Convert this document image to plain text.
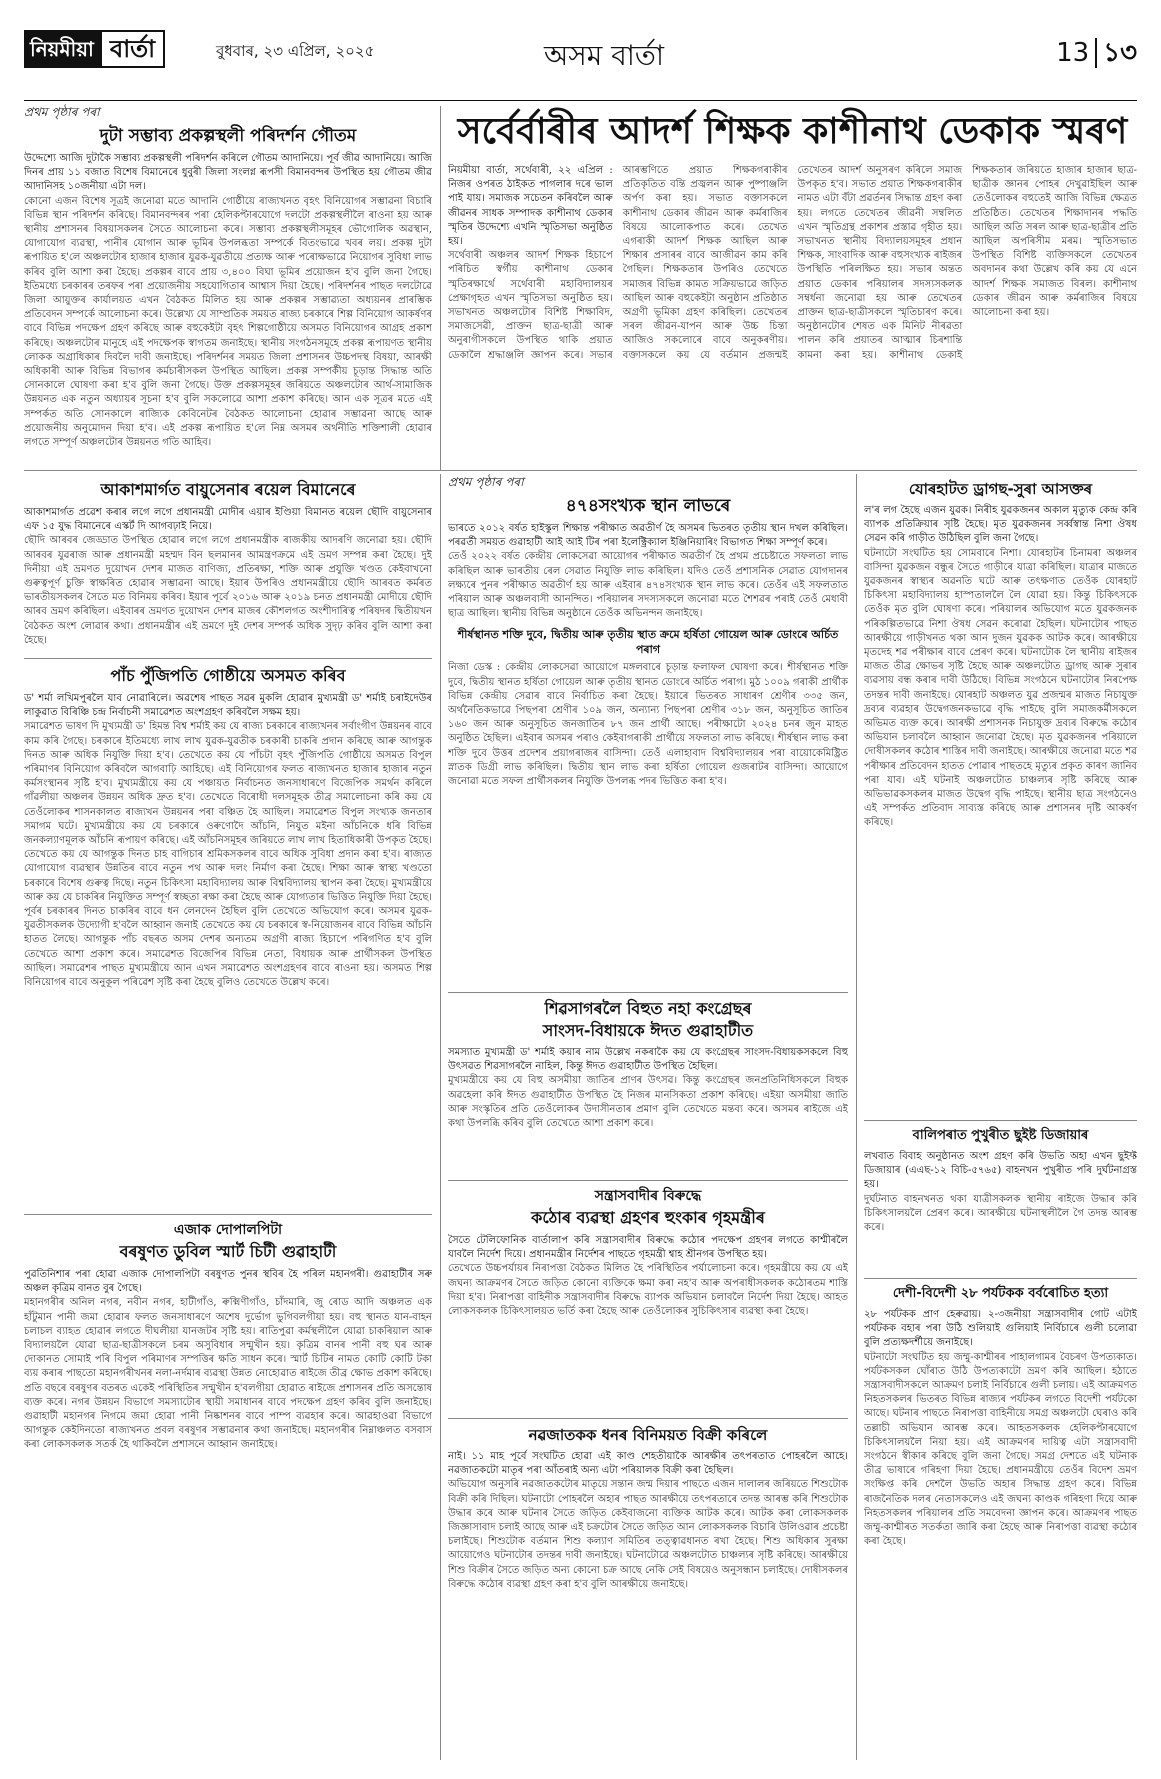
নিয়মীয়া বাৰ্তা	বুধবাৰ, ২৩ এপ্ৰিল, ২০২৫	অসম বাৰ্তা	13 ১৩
প্ৰথম পৃষ্ঠাৰ পৰা
দুটা সম্ভাব্য প্ৰকল্পস্থলী পৰিদৰ্শন গৌতম
উদ্দেশ্যে আজি দুটাকৈ সম্ভাব্য প্ৰকল্পস্থলী পৰিদৰ্শন কৰিলে গৌতম আদানিয়ে। পূৰ্ব জীৱ আদানিয়ে। আজি দিনৰ প্ৰায় ১১ বজাত বিশেষ বিমানেৰে ধুবুৰী জিলা সংলগ্ন ৰূপসী বিমানবন্দৰ উপস্থিত হয় গৌতম জীৱ আদানিসহ ১০জনীয়া এটা দল।
কোনো এজন বিশেষ সূত্ৰই জনোৱা মতে আদানি গোষ্ঠীয়ে ৰাজ্যখনত বৃহৎ বিনিয়োগৰ সম্ভাৱনা বিচাৰি বিভিন্ন স্থান পৰিদৰ্শন কৰিছে। বিমানবন্দৰৰ পৰা হেলিকপ্টাৰযোগে দলটো প্ৰকল্পস্থলীলৈ ৰাওনা হয় আৰু স্থানীয় প্ৰশাসনৰ বিষয়াসকলৰ সৈতে আলোচনা কৰে। সম্ভাব্য প্ৰকল্পস্থলীসমূহৰ ভৌগোলিক অৱস্থান, যোগাযোগ ব্যৱস্থা, পানীৰ যোগান আৰু ভূমিৰ উপলব্ধতা সম্পৰ্কে বিতংভাৱে খবৰ লয়। প্ৰকল্প দুটা ৰূপায়িত হ'লে অঞ্চলটোৰ হাজাৰ হাজাৰ যুৱক-যুৱতীয়ে প্ৰত্যক্ষ আৰু পৰোক্ষভাৱে নিয়োগৰ সুবিধা লাভ কৰিব বুলি আশা কৰা হৈছে। প্ৰকল্পৰ বাবে প্ৰায় ৩,৪০০ বিঘা ভূমিৰ প্ৰয়োজন হ'ব বুলি জনা গৈছে। ইতিমধ্যে চৰকাৰৰ তৰফৰ পৰা প্ৰয়োজনীয় সহযোগিতাৰ আশ্বাস দিয়া হৈছে। পৰিদৰ্শনৰ পাছত দলটোৱে জিলা আয়ুক্তৰ কাৰ্যালয়ত এখন বৈঠকত মিলিত হয় আৰু প্ৰকল্পৰ সম্ভাৱ্যতা অধ্যয়নৰ প্ৰাৰম্ভিক প্ৰতিবেদন সম্পৰ্কে আলোচনা কৰে। উল্লেখ্য যে সাম্প্ৰতিক সময়ত ৰাজ্য চৰকাৰে শিল্প বিনিয়োগ আকৰ্ষণৰ বাবে বিভিন্ন পদক্ষেপ গ্ৰহণ কৰিছে আৰু বহুকেইটা বৃহৎ শিল্পগোষ্ঠীয়ে অসমত বিনিয়োগৰ আগ্ৰহ প্ৰকাশ কৰিছে। অঞ্চলটোৰ মানুহে এই পদক্ষেপক স্বাগতম জনাইছে। স্থানীয় সংগঠনসমূহে প্ৰকল্প ৰূপায়ণত স্থানীয় লোকক অগ্ৰাধিকাৰ দিবলৈ দাবী জনাইছে। পৰিদৰ্শনৰ সময়ত জিলা প্ৰশাসনৰ উচ্চপদস্থ বিষয়া, আৰক্ষী অধিকাৰী আৰু বিভিন্ন বিভাগৰ কৰ্মচাৰীসকল উপস্থিত আছিল। প্ৰকল্প সম্পৰ্কীয় চূড়ান্ত সিদ্ধান্ত অতি সোনকালে ঘোষণা কৰা হ'ব বুলি জনা গৈছে। উক্ত প্ৰকল্পসমূহৰ জৰিয়তে অঞ্চলটোৰ আৰ্থ-সামাজিক উন্নয়নত এক নতুন অধ্যায়ৰ সূচনা হ'ব বুলি সকলোৱে আশা প্ৰকাশ কৰিছে। আন এক সূত্ৰৰ মতে এই সম্পৰ্কত অতি সোনকালে ৰাজ্যিক কেবিনেটৰ বৈঠকত আলোচনা হোৱাৰ সম্ভাৱনা আছে আৰু প্ৰয়োজনীয় অনুমোদন দিয়া হ'ব। এই প্ৰকল্প ৰূপায়িত হ'লে নিম্ন অসমৰ অৰ্থনীতি শক্তিশালী হোৱাৰ লগতে সম্পূৰ্ণ অঞ্চলটোৰ উন্নয়নত গতি আহিব।
সৰ্বেৰ্বাৰীৰ আদৰ্শ শিক্ষক কাশীনাথ ডেকাক স্মৰণ
নিয়মীয়া বাৰ্তা, সৰ্থেবাৰী, ২২ এপ্ৰিল : নিজৰ ওপৰত ঠাইকত পাগলাৰ দৰে ভাল পাই যায়। সমাজক সচেতন কৰিবলৈ আৰু জীৱনৰ সাধক সম্পাদক কাশীনাথ ডেকাৰ স্মৃতিৰ উদ্দেশ্যে এখনি স্মৃতিসভা অনুষ্ঠিত হয়।
সৰ্থেবাৰী অঞ্চলৰ আদৰ্শ শিক্ষক হিচাপে পৰিচিত স্বৰ্গীয় কাশীনাথ ডেকাৰ স্মৃতিৰক্ষাৰ্থে সৰ্থেবাৰী মহাবিদ্যালয়ৰ প্ৰেক্ষাগৃহত এখন স্মৃতিসভা অনুষ্ঠিত হয়। সভাখনত অঞ্চলটোৰ বিশিষ্ট শিক্ষাবিদ, সমাজসেৱী, প্ৰাক্তন ছাত্ৰ-ছাত্ৰী আৰু অনুৰাগীসকলে উপস্থিত থাকি প্ৰয়াত ডেকালৈ শ্ৰদ্ধাঞ্জলি জ্ঞাপন কৰে। সভাৰ আৰম্ভণিতে প্ৰয়াত শিক্ষকগৰাকীৰ প্ৰতিকৃতিত বন্তি প্ৰজ্বলন আৰু পুষ্পাঞ্জলি অৰ্পণ কৰা হয়। সভাত বক্তাসকলে কাশীনাথ ডেকাৰ জীৱন আৰু কৰ্মৰাজিৰ বিষয়ে আলোকপাত কৰে। তেখেত এগৰাকী আদৰ্শ শিক্ষক আছিল আৰু শিক্ষাৰ প্ৰসাৰৰ বাবে আজীৱন কাম কৰি গৈছিল। শিক্ষকতাৰ উপৰিও তেখেতে সমাজৰ বিভিন্ন কামত সক্ৰিয়ভাৱে জড়িত আছিল আৰু বহুকেইটা অনুষ্ঠান প্ৰতিষ্ঠাত অগ্ৰণী ভূমিকা গ্ৰহণ কৰিছিল। তেখেতৰ সৰল জীৱন-যাপন আৰু উচ্চ চিন্তা আজিও সকলোৰে বাবে অনুকৰণীয়। বক্তাসকলে কয় যে বৰ্তমান প্ৰজন্মই তেখেতৰ আদৰ্শ অনুসৰণ কৰিলে সমাজ উপকৃত হ'ব। সভাত প্ৰয়াত শিক্ষকগৰাকীৰ নামত এটা বঁটা প্ৰৱৰ্তনৰ সিদ্ধান্ত গ্ৰহণ কৰা হয়। লগতে তেখেতৰ জীৱনী সম্বলিত এখন স্মৃতিগ্ৰন্থ প্ৰকাশৰ প্ৰস্তাৱ গৃহীত হয়। সভাখনত স্থানীয় বিদ্যালয়সমূহৰ প্ৰধান শিক্ষক, সাংবাদিক আৰু বহুসংখ্যক ৰাইজৰ উপস্থিতি পৰিলক্ষিত হয়। সভাৰ অন্তত প্ৰয়াত ডেকাৰ পৰিয়ালৰ সদস্যসকলক সম্বৰ্ধনা জনোৱা হয় আৰু তেখেতৰ প্ৰাক্তন ছাত্ৰ-ছাত্ৰীসকলে স্মৃতিচাৰণ কৰে। অনুষ্ঠানটোৰ শেষত এক মিনিট নীৰৱতা পালন কৰি প্ৰয়াতৰ আত্মাৰ চিৰশান্তি কামনা কৰা হয়। কাশীনাথ ডেকাই শিক্ষকতাৰ জৰিয়তে হাজাৰ হাজাৰ ছাত্ৰ-ছাত্ৰীক জ্ঞানৰ পোহৰ দেখুৱাইছিল আৰু তেওঁলোকৰ বহুতেই আজি বিভিন্ন ক্ষেত্ৰত প্ৰতিষ্ঠিত। তেখেতৰ শিক্ষাদানৰ পদ্ধতি আছিল অতি সৰল আৰু ছাত্ৰ-ছাত্ৰীৰ প্ৰতি আছিল অপৰিসীম মৰম। স্মৃতিসভাত উপস্থিত বিশিষ্ট ব্যক্তিসকলে তেখেতৰ অবদানৰ কথা উল্লেখ কৰি কয় যে এনে আদৰ্শ শিক্ষক সমাজত বিৰল। কাশীনাথ ডেকাৰ জীৱন আৰু কৰ্মৰাজিৰ বিষয়ে আলোচনা কৰা হয়।
আকাশমাৰ্গত বায়ুসেনাৰ ৰয়েল বিমানেৰে
আকাশমাৰ্গত প্ৰৱেশ কৰাৰ লগে লগে প্ৰধানমন্ত্ৰী মোদীৰ এয়াৰ ইণ্ডিয়া বিমানত ৰয়েল ছৌদি বায়ুসেনাৰ এফ ১৫ যুদ্ধ বিমানেৰে এস্কৰ্ট দি আগবঢ়াই নিয়ে।
ছৌদি আৰবৰ জেড্ডাত উপস্থিত হোৱাৰ লগে লগে প্ৰধানমন্ত্ৰীক ৰাজকীয় আদৰণি জনোৱা হয়। ছৌদি আৰবৰ যুৱৰাজ আৰু প্ৰধানমন্ত্ৰী মহম্মদ বিন ছলমানৰ আমন্ত্ৰণক্ৰমে এই ভ্ৰমণ সম্পন্ন কৰা হৈছে। দুই দিনীয়া এই ভ্ৰমণত দুয়োখন দেশৰ মাজত বাণিজ্য, প্ৰতিৰক্ষা, শক্তি আৰু প্ৰযুক্তি খণ্ডত কেইবাখনো গুৰুত্বপূৰ্ণ চুক্তি স্বাক্ষৰিত হোৱাৰ সম্ভাৱনা আছে। ইয়াৰ উপৰিও প্ৰধানমন্ত্ৰীয়ে ছৌদি আৰবত কৰ্মৰত ভাৰতীয়সকলৰ সৈতে মত বিনিময় কৰিব। ইয়াৰ পূৰ্বে ২০১৬ আৰু ২০১৯ চনত প্ৰধানমন্ত্ৰী মোদীয়ে ছৌদি আৰব ভ্ৰমণ কৰিছিল। এইবাৰৰ ভ্ৰমণত দুয়োখন দেশৰ মাজৰ কৌশলগত অংশীদাৰিত্ব পৰিষদৰ দ্বিতীয়খন বৈঠকত অংশ লোৱাৰ কথা। প্ৰধানমন্ত্ৰীৰ এই ভ্ৰমণে দুই দেশৰ সম্পৰ্ক অধিক সুদৃঢ় কৰিব বুলি আশা কৰা হৈছে।
পাঁচ পুঁজিপতি গোষ্ঠীয়ে অসমত কৰিব
ড' শৰ্মা লখিমপুৰলৈ যাব নোৱাৰিলে। অৱশেষ পাছত সৱৰ মুকলি হোৱাৰ মুখ্যমন্ত্ৰী ড' শৰ্মাই চৰাইদেউৰ লাকুৱাত বিৰিঞ্চি চন্দ্ৰ নিৰ্বাচনী সমাৱেশত অংশগ্ৰহণ কৰিবলৈ সক্ষম হয়।
সমাৱেশত ভাষণ দি মুখ্যমন্ত্ৰী ড' হিমন্ত বিশ্ব শৰ্মাই কয় যে ৰাজ্য চৰকাৰে ৰাজ্যখনৰ সৰ্বাংগীণ উন্নয়নৰ বাবে কাম কৰি গৈছে। চৰকাৰে ইতিমধ্যে লাখ লাখ যুৱক-যুৱতীক চৰকাৰী চাকৰি প্ৰদান কৰিছে আৰু আগন্তুক দিনত আৰু অধিক নিযুক্তি দিয়া হ'ব। তেখেতে কয় যে পাঁচটা বৃহৎ পুঁজিপতি গোষ্ঠীয়ে অসমত বিপুল পৰিমাণৰ বিনিয়োগ কৰিবলৈ আগবাঢ়ি আহিছে। এই বিনিয়োগৰ ফলত ৰাজ্যখনত হাজাৰ হাজাৰ নতুন কৰ্মসংস্থানৰ সৃষ্টি হ'ব। মুখ্যমন্ত্ৰীয়ে কয় যে পঞ্চায়ত নিৰ্বাচনত জনসাধাৰণে বিজেপিক সমৰ্থন কৰিলে গাঁৱলীয়া অঞ্চলৰ উন্নয়ন অধিক দ্ৰুত হ'ব। তেখেতে বিৰোধী দলসমূহক তীব্ৰ সমালোচনা কৰি কয় যে তেওঁলোকৰ শাসনকালত ৰাজ্যখন উন্নয়নৰ পৰা বঞ্চিত হৈ আছিল। সমাৱেশত বিপুল সংখ্যক জনতাৰ সমাগম ঘটে। মুখ্যমন্ত্ৰীয়ে কয় যে চৰকাৰে ওৰুণোদৈ আঁচনি, নিযুত মইনা আঁচনিকে ধৰি বিভিন্ন জনকল্যাণমূলক আঁচনি ৰূপায়ণ কৰিছে। এই আঁচনিসমূহৰ জৰিয়তে লাখ লাখ হিতাধিকাৰী উপকৃত হৈছে। তেখেতে কয় যে আগন্তুক দিনত চাহ বাগিচাৰ শ্ৰমিকসকলৰ বাবে অধিক সুবিধা প্ৰদান কৰা হ'ব। ৰাজ্যত যোগাযোগ ব্যৱস্থাৰ উন্নতিৰ বাবে নতুন পথ আৰু দলং নিৰ্মাণ কৰা হৈছে। শিক্ষা আৰু স্বাস্থ্য খণ্ডতো চৰকাৰে বিশেষ গুৰুত্ব দিছে। নতুন চিকিৎসা মহাবিদ্যালয় আৰু বিশ্ববিদ্যালয় স্থাপন কৰা হৈছে। মুখ্যমন্ত্ৰীয়ে আৰু কয় যে চাকৰিৰ নিযুক্তিত সম্পূৰ্ণ স্বচ্ছতা ৰক্ষা কৰা হৈছে আৰু যোগ্যতাৰ ভিত্তিত নিযুক্তি দিয়া হৈছে। পূৰ্বৰ চৰকাৰৰ দিনত চাকৰিৰ বাবে ধন লেনদেন হৈছিল বুলি তেখেতে অভিযোগ কৰে। অসমৰ যুৱক-যুৱতীসকলক উদ্যোগী হ'বলৈ আহ্বান জনাই তেখেতে কয় যে চৰকাৰে স্ব-নিয়োজনৰ বাবে বিভিন্ন আঁচনি হাতত লৈছে। আগন্তুক পাঁচ বছৰত অসম দেশৰ অন্যতম অগ্ৰণী ৰাজ্য হিচাপে পৰিগণিত হ'ব বুলি তেখেতে আশা প্ৰকাশ কৰে। সমাৱেশত বিজেপিৰ বিভিন্ন নেতা, বিধায়ক আৰু প্ৰাৰ্থীসকল উপস্থিত আছিল। সমাৱেশৰ পাছত মুখ্যমন্ত্ৰীয়ে আন এখন সমাৱেশত অংশগ্ৰহণৰ বাবে ৰাওনা হয়। অসমত শিল্প বিনিয়োগৰ বাবে অনুকূল পৰিৱেশ সৃষ্টি কৰা হৈছে বুলিও তেখেতে উল্লেখ কৰে।
এজাক দোপালপিটা
বৰষুণত ডুবিল স্মাৰ্ট চিটী গুৱাহাটী
পুৱতিনিশাৰ পৰা হোৱা এজাক দোপালপিটা বৰষুণত পুনৰ স্থবিৰ হৈ পৰিল মহানগৰী। গুৱাহাটীৰ সৰু অঞ্চল কৃত্ৰিম বানত বুৰ গৈছে।
মহানগৰীৰ অনিল নগৰ, নবীন নগৰ, হাটীগাঁও, ৰুক্মিণীগাঁও, চাঁদমাৰি, জু ৰোড আদি অঞ্চলত এক হাঁটুমান পানী জমা হোৱাৰ ফলত জনসাধাৰণে অশেষ দুৰ্ভোগ ভুগিবলগীয়া হয়। বহু স্থানত যান-বাহন চলাচল ব্যাহত হোৱাৰ লগতে দীঘলীয়া যানজটৰ সৃষ্টি হয়। ৰাতিপুৱা কৰ্মস্থলীলৈ যোৱা চাকৰিয়াল আৰু বিদ্যালয়লৈ যোৱা ছাত্ৰ-ছাত্ৰীসকলে চৰম অসুবিধাৰ সন্মুখীন হয়। কৃত্ৰিম বানৰ পানী বহু ঘৰ আৰু দোকানত সোমাই পৰি বিপুল পৰিমাণৰ সম্পত্তিৰ ক্ষতি সাধন কৰে। স্মাৰ্ট চিটিৰ নামত কোটি কোটি টকা ব্যয় কৰাৰ পাছতো মহানগৰীখনৰ নলা-নৰ্দমাৰ ব্যৱস্থা উন্নত নোহোৱাত ৰাইজে তীব্ৰ ক্ষোভ প্ৰকাশ কৰিছে। প্ৰতি বছৰে বৰষুণৰ বতৰত একেই পৰিস্থিতিৰ সন্মুখীন হ'বলগীয়া হোৱাত ৰাইজে প্ৰশাসনৰ প্ৰতি অসন্তোষ ব্যক্ত কৰে। নগৰ উন্নয়ন বিভাগে সমস্যাটোৰ স্থায়ী সমাধানৰ বাবে পদক্ষেপ গ্ৰহণ কৰিব বুলি জনাইছে। গুৱাহাটী মহানগৰ নিগমে জমা হোৱা পানী নিষ্কাশনৰ বাবে পাম্প ব্যৱহাৰ কৰে। আৱহাওৱা বিভাগে আগন্তুক কেইদিনতো ৰাজ্যখনত প্ৰবল বৰষুণৰ সম্ভাৱনাৰ কথা জনাইছে। মহানগৰীৰ নিম্নাঞ্চলত বসবাস কৰা লোকসকলক সতৰ্ক হৈ থাকিবলৈ প্ৰশাসনে আহ্বান জনাইছে।
প্ৰথম পৃষ্ঠাৰ পৰা
৪৭৪সংখ্যক স্থান লাভৰে
ভাৰতে ২০১২ বৰ্ষত হাইস্কুল শিক্ষান্ত পৰীক্ষাত অৱতীৰ্ণ হৈ অসমৰ ভিতৰত তৃতীয় স্থান দখল কৰিছিল। পৰৱৰ্তী সময়ত গুৱাহাটী আই আই টিৰ পৰা ইলেক্ট্ৰিক্যাল ইঞ্জিনিয়াৰিং বিভাগত শিক্ষা সম্পূৰ্ণ কৰে।
তেওঁ ২০২২ বৰ্ষত কেন্দ্ৰীয় লোকসেৱা আয়োগৰ পৰীক্ষাত অৱতীৰ্ণ হৈ প্ৰথম প্ৰচেষ্টাতে সফলতা লাভ কৰিছিল আৰু ভাৰতীয় ৰেল সেৱাত নিযুক্তি লাভ কৰিছিল। যদিও তেওঁ প্ৰশাসনিক সেৱাত যোগদানৰ লক্ষ্যৰে পুনৰ পৰীক্ষাত অৱতীৰ্ণ হয় আৰু এইবাৰ ৪৭৪সংখ্যক স্থান লাভ কৰে। তেওঁৰ এই সফলতাত পৰিয়াল আৰু অঞ্চলবাসী আনন্দিত। পৰিয়ালৰ সদস্যসকলে জনোৱা মতে শৈশৱৰ পৰাই তেওঁ মেধাবী ছাত্ৰ আছিল। স্থানীয় বিভিন্ন অনুষ্ঠানে তেওঁক অভিনন্দন জনাইছে।
শীৰ্ষস্থানত শক্তি দুবে, দ্বিতীয় আৰু তৃতীয় স্থাত ক্ৰমে হৰ্ষিতা গোয়েল আৰু ডোংৰে অৰ্চিত পৰাগ
নিজা ডেস্ক : কেন্দ্ৰীয় লোকসেৱা আয়োগে মঙ্গলবাৰে চূড়ান্ত ফলাফল ঘোষণা কৰে। শীৰ্ষস্থানত শক্তি দুবে, দ্বিতীয় স্থানত হৰ্ষিতা গোয়েল আৰু তৃতীয় স্থানত ডোংৰে অৰ্চিত পৰাগ। মুঠ ১০০৯ গৰাকী প্ৰাৰ্থীক বিভিন্ন কেন্দ্ৰীয় সেৱাৰ বাবে নিৰ্বাচিত কৰা হৈছে। ইয়াৰে ভিতৰত সাধাৰণ শ্ৰেণীৰ ৩৩৫ জন, অৰ্থনৈতিকভাৱে পিছপৰা শ্ৰেণীৰ ১০৯ জন, অন্যান্য পিছপৰা শ্ৰেণীৰ ৩১৮ জন, অনুসূচিত জাতিৰ ১৬০ জন আৰু অনুসূচিত জনজাতিৰ ৮৭ জন প্ৰাৰ্থী আছে। পৰীক্ষাটো ২০২৪ চনৰ জুন মাহত অনুষ্ঠিত হৈছিল। এইবাৰ অসমৰ পৰাও কেইবাগৰাকী প্ৰাৰ্থীয়ে সফলতা লাভ কৰিছে। শীৰ্ষস্থান লাভ কৰা শক্তি দুবে উত্তৰ প্ৰদেশৰ প্ৰয়াগৰাজৰ বাসিন্দা। তেওঁ এলাহাবাদ বিশ্ববিদ্যালয়ৰ পৰা বায়োকেমিষ্ট্ৰিত স্নাতক ডিগ্ৰী লাভ কৰিছিল। দ্বিতীয় স্থান লাভ কৰা হৰ্ষিতা গোয়েল গুজৰাটৰ বাসিন্দা। আয়োগে জনোৱা মতে সফল প্ৰাৰ্থীসকলৰ নিযুক্তি উপলব্ধ পদৰ ভিত্তিত কৰা হ'ব।
শিৱসাগৰলৈ বিহুত নহা কংগ্ৰেছৰ
সাংসদ-বিধায়কে ঈদত গুৱাহাটীত
সমস্যাত মুখ্যমন্ত্ৰী ড' শৰ্মাই কয়াৰ নাম উল্লেখ নকৰাকৈ কয় যে কংগ্ৰেছৰ সাংসদ-বিধায়কসকলে বিহু উৎসৱত শিৱসাগৰলৈ নাহিল, কিন্তু ঈদত গুৱাহাটীত উপস্থিত হৈছিল।
মুখ্যমন্ত্ৰীয়ে কয় যে বিহু অসমীয়া জাতিৰ প্ৰাণৰ উৎসৱ। কিন্তু কংগ্ৰেছৰ জনপ্ৰতিনিধিসকলে বিহুক অৱহেলা কৰি ঈদত গুৱাহাটীত উপস্থিত হৈ নিজৰ মানসিকতা প্ৰকাশ কৰিছে। এইয়া অসমীয়া জাতি আৰু সংস্কৃতিৰ প্ৰতি তেওঁলোকৰ উদাসীনতাৰ প্ৰমাণ বুলি তেখেতে মন্তব্য কৰে। অসমৰ ৰাইজে এই কথা উপলব্ধি কৰিব বুলি তেখেতে আশা প্ৰকাশ কৰে।
সন্ত্ৰাসবাদীৰ বিৰুদ্ধে
কঠোৰ ব্যৱস্থা গ্ৰহণৰ হুংকাৰ গৃহমন্ত্ৰীৰ
সৈতে টেলিফোনিক বাৰ্তালাপ কৰি সন্ত্ৰাসবাদীৰ বিৰুদ্ধে কঠোৰ পদক্ষেপ গ্ৰহণৰ লগতে কাশ্মীৰলৈ যাবলৈ নিৰ্দেশ দিয়ে। প্ৰধানমন্ত্ৰীৰ নিৰ্দেশৰ পাছতে গৃহমন্ত্ৰী শ্বাহ শ্ৰীনগৰ উপস্থিত হয়।
তেখেতে উচ্চপৰ্যায়ৰ নিৰাপত্তা বৈঠকত মিলিত হৈ পৰিস্থিতিৰ পৰ্যালোচনা কৰে। গৃহমন্ত্ৰীয়ে কয় যে এই জঘন্য আক্ৰমণৰ সৈতে জড়িত কোনো ব্যক্তিকে ক্ষমা কৰা নহ'ব আৰু অপৰাধীসকলক কঠোৰতম শাস্তি দিয়া হ'ব। নিৰাপত্তা বাহিনীক সন্ত্ৰাসবাদীৰ বিৰুদ্ধে ব্যাপক অভিযান চলাবলৈ নিৰ্দেশ দিয়া হৈছে। আহত লোকসকলক চিকিৎসালয়ত ভৰ্তি কৰা হৈছে আৰু তেওঁলোকৰ সুচিকিৎসাৰ ব্যৱস্থা কৰা হৈছে।
নৱজাতকক ধনৰ বিনিময়ত বিক্ৰী কৰিলে
নাই। ১১ মাহ পূৰ্বে সংঘটিত হোৱা এই কাণ্ড শেহতীয়াকৈ আৰক্ষীৰ তৎপৰতাত পোহৰলৈ আহে। নৱজাতকটো মাতৃৰ পৰা আঁতৰাই অন্য এটা পৰিয়ালক বিক্ৰী কৰা হৈছিল।
অভিযোগ অনুসৰি নৱজাতকটোৰ মাতৃয়ে সন্তান জন্ম দিয়াৰ পাছতে এজন দালালৰ জৰিয়তে শিশুটোক বিক্ৰী কৰি দিছিল। ঘটনাটো পোহৰলৈ অহাৰ পাছত আৰক্ষীয়ে তৎপৰতাৰে তদন্ত আৰম্ভ কৰি শিশুটোক উদ্ধাৰ কৰে আৰু ঘটনাৰ সৈতে জড়িত কেইবাজনো ব্যক্তিক আটক কৰে। আটক কৰা লোকসকলক জিজ্ঞাসাবাদ চলাই আছে আৰু এই চক্ৰটোৰ সৈতে জড়িত আন লোকসকলক বিচাৰি উলিওৱাৰ প্ৰচেষ্টা চলাইছে। শিশুটোক বৰ্তমান শিশু কল্যাণ সমিতিৰ তত্ত্বাৱধানত ৰখা হৈছে। শিশু অধিকাৰ সুৰক্ষা আয়োগেও ঘটনাটোৰ তদন্তৰ দাবী জনাইছে। ঘটনাটোৱে অঞ্চলটোত চাঞ্চল্যৰ সৃষ্টি কৰিছে। আৰক্ষীয়ে শিশু বিক্ৰীৰ সৈতে জড়িত অন্য কোনো চক্ৰ আছে নেকি সেই বিষয়েও অনুসন্ধান চলাইছে। দোষীসকলৰ বিৰুদ্ধে কঠোৰ ব্যৱস্থা গ্ৰহণ কৰা হ'ব বুলি আৰক্ষীয়ে জনাইছে।
যোৰহাটত ড্ৰাগছ-সুৰা আসক্তৰ
ল'ৰ লগ হৈছে এজন যুৱক। নিৰীহ যুৱকজনৰ অকাল মৃত্যুক কেন্দ্ৰ কৰি ব্যাপক প্ৰতিক্ৰিয়াৰ সৃষ্টি হৈছে। মৃত যুৱকজনৰ সৰ্ব্বস্বান্ত নিশা ঔষধ সেৱন কৰি গাড়ীত উঠিছিল বুলি জনা গৈছে।
ঘটনাটো সংঘটিত হয় সোমবাৰে নিশা। যোৰহাটৰ চিনামৰা অঞ্চলৰ বাসিন্দা যুৱকজন বন্ধুৰ সৈতে গাড়ীৰে যাত্ৰা কৰিছিল। যাত্ৰাৰ মাজতে যুৱকজনৰ স্বাস্থ্যৰ অৱনতি ঘটে আৰু তৎক্ষণাত তেওঁক যোৰহাট চিকিৎসা মহাবিদ্যালয় হাস্পতাললৈ লৈ যোৱা হয়। কিন্তু চিকিৎসকে তেওঁক মৃত বুলি ঘোষণা কৰে। পৰিয়ালৰ অভিযোগ মতে যুৱকজনক পৰিকল্পিতভাৱে নিশা ঔষধ সেৱন কৰোৱা হৈছিল। ঘটনাটোৰ পাছত আৰক্ষীয়ে গাড়ীখনত থকা আন দুজন যুৱকক আটক কৰে। আৰক্ষীয়ে মৃতদেহ শৱ পৰীক্ষাৰ বাবে প্ৰেৰণ কৰে। ঘটনাটোক লৈ স্থানীয় ৰাইজৰ মাজত তীব্ৰ ক্ষোভৰ সৃষ্টি হৈছে আৰু অঞ্চলটোত ড্ৰাগছ আৰু সুৰাৰ ব্যৱসায় বন্ধ কৰাৰ দাবী উঠিছে। বিভিন্ন সংগঠনে ঘটনাটোৰ নিৰপেক্ষ তদন্তৰ দাবী জনাইছে। যোৰহাট অঞ্চলত যুৱ প্ৰজন্মৰ মাজত নিচাযুক্ত দ্ৰব্যৰ ব্যৱহাৰ উদ্বেগজনকভাৱে বৃদ্ধি পাইছে বুলি সমাজকৰ্মীসকলে অভিমত ব্যক্ত কৰে। আৰক্ষী প্ৰশাসনক নিচাযুক্ত দ্ৰব্যৰ বিৰুদ্ধে কঠোৰ অভিযান চলাবলৈ আহ্বান জনোৱা হৈছে। মৃত যুৱকজনৰ পৰিয়ালে দোষীসকলৰ কঠোৰ শাস্তিৰ দাবী জনাইছে। আৰক্ষীয়ে জনোৱা মতে শৱ পৰীক্ষাৰ প্ৰতিবেদন হাতত পোৱাৰ পাছতহে মৃত্যুৰ প্ৰকৃত কাৰণ জানিব পৰা যাব। এই ঘটনাই অঞ্চলটোত চাঞ্চল্যৰ সৃষ্টি কৰিছে আৰু অভিভাৱকসকলৰ মাজত উদ্বেগ বৃদ্ধি পাইছে। স্থানীয় ছাত্ৰ সংগঠনেও এই সম্পৰ্কত প্ৰতিবাদ সাব্যস্ত কৰিছে আৰু প্ৰশাসনৰ দৃষ্টি আকৰ্ষণ কৰিছে।
বালিপৰাত পুখুৰীত ছুইষ্ট ডিজায়াৰ
লখবাত বিবাহ অনুষ্ঠানত অংশ গ্ৰহণ কৰি উভতি অহা এখন ছুইফ্ট ডিজায়াৰ (এএছ-১২ বিচি-৫৭৬৫) বাহনখন পুখুৰীত পৰি দুৰ্ঘটনাগ্ৰস্ত হয়।
দুৰ্ঘটনাত বাহনখনত থকা যাত্ৰীসকলক স্থানীয় ৰাইজে উদ্ধাৰ কৰি চিকিৎসালয়লৈ প্ৰেৰণ কৰে। আৰক্ষীয়ে ঘটনাস্থলীলৈ গৈ তদন্ত আৰম্ভ কৰে।
দেশী-বিদেশী ২৮ পৰ্যটকক বৰ্বৰোচিত হত্যা
২৮ পৰ্যটকক প্ৰাণ হেৰুৱায়। ২-৩জনীয়া সন্ত্ৰাসবাদীৰ গোট এটাই পৰ্যটকক বহাৰ পৰা উঠি শুলিয়াই গুলিয়াই নিৰ্বিচাৰে গুলী চলোৱা বুলি প্ৰত্যক্ষদৰ্শীয়ে জনাইছে।
ঘটনাটো সংঘটিত হয় জম্মু-কাশ্মীৰৰ পাহালগামৰ বৈচৰণ উপত্যকাত। পৰ্যটকসকল ঘোঁৰাত উঠি উপত্যকাটো ভ্ৰমণ কৰি আছিল। হঠাতে সন্ত্ৰাসবাদীসকলে আক্ৰমণ চলাই নিৰ্বিচাৰে গুলী চলায়। এই আক্ৰমণত নিহতসকলৰ ভিতৰত বিভিন্ন ৰাজ্যৰ পৰ্যটকৰ লগতে বিদেশী পৰ্যটকো আছে। ঘটনাৰ পাছতে নিৰাপত্তা বাহিনীয়ে সমগ্ৰ অঞ্চলটো ঘেৰাও কৰি তল্লাচী অভিযান আৰম্ভ কৰে। আহতসকলক হেলিকপ্টাৰযোগে চিকিৎসালয়লৈ নিয়া হয়। এই আক্ৰমণৰ দায়িত্ব এটা সন্ত্ৰাসবাদী সংগঠনে স্বীকাৰ কৰিছে বুলি জনা গৈছে। সমগ্ৰ দেশতে এই ঘটনাক তীব্ৰ ভাষাৰে গৰিহণা দিয়া হৈছে। প্ৰধানমন্ত্ৰীয়ে তেওঁৰ বিদেশ ভ্ৰমণ সংক্ষিপ্ত কৰি দেশলৈ উভতি অহাৰ সিদ্ধান্ত গ্ৰহণ কৰে। বিভিন্ন ৰাজনৈতিক দলৰ নেতাসকলেও এই জঘন্য কাণ্ডক গৰিহণা দিয়ে আৰু নিহতসকলৰ পৰিয়ালৰ প্ৰতি সমবেদনা জ্ঞাপন কৰে। আক্ৰমণৰ পাছত জম্মু-কাশ্মীৰত সতৰ্কতা জাৰি কৰা হৈছে আৰু নিৰাপত্তা ব্যৱস্থা কঠোৰ কৰা হৈছে।
